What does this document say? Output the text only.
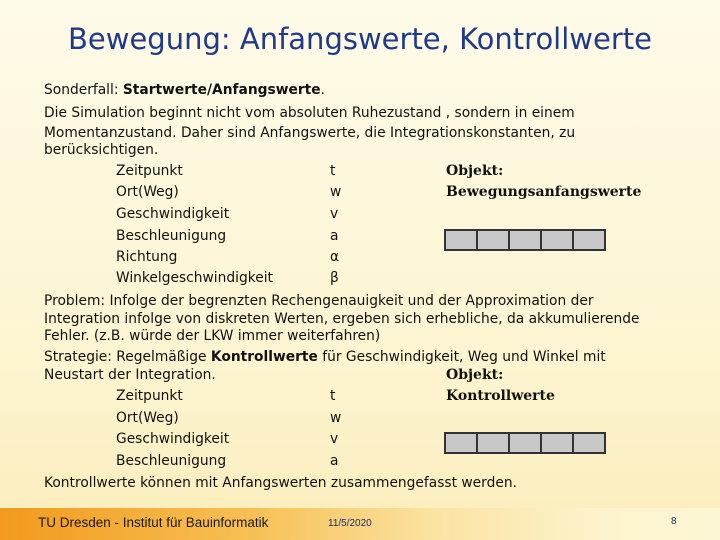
Bewegung: Anfangswerte, Kontrollwerte
Sonderfall: Startwerte/Anfangswerte.
Die Simulation beginnt nicht vom absoluten Ruhezustand , sondern in einem
Momentanzustand. Daher sind Anfangswerte, die Integrationskonstanten, zu
berücksichtigen.
Zeitpunkt	t
Ort(Weg)	w
Geschwindigkeit	v
Beschleunigung	a
Richtung	α
Winkelgeschwindigkeit	β
Objekt:
Bewegungsanfangswerte

Problem: Infolge der begrenzten Rechengenauigkeit und der Approximation der
Integration infolge von diskreten Werten, ergeben sich erhebliche, da akkumulierende
Fehler. (z.B. würde der LKW immer weiterfahren)
Strategie: Regelmäßige Kontrollwerte für Geschwindigkeit, Weg und Winkel mit
Neustart der Integration.	Objekt:
Kontrollwerte
Zeitpunkt	t
Ort(Weg)	w
Geschwindigkeit	v
Beschleunigung	a

Kontrollwerte können mit Anfangswerten zusammengefasst werden.
TU Dresden - Institut für Bauinformatik	11/5/2020	8
